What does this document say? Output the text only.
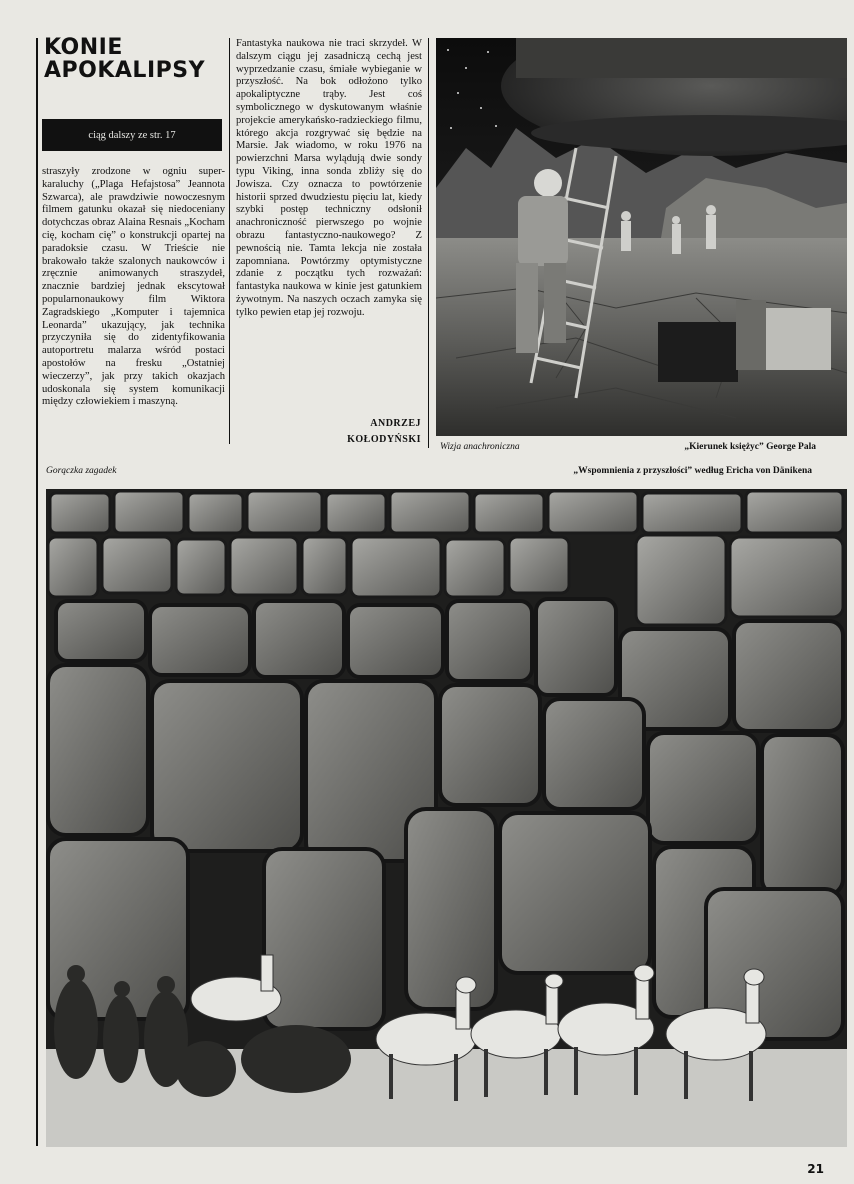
KONIE
APOKALIPSY
ciąg dalszy ze str. 17
straszyły zrodzone w ogniu super-karaluchy („Plaga Hefajstosa” Jeannota Szwarca), ale prawdziwie nowoczesnym filmem gatunku okazał się niedoceniany dotychczas obraz Alaina Resnais „Kocham cię, kocham cię” o konstrukcji opartej na paradoksie czasu. W Trieście nie brakowało także szalonych naukowców i zręcznie animowanych straszydeł, znacznie bardziej jednak ekscytował popularnonaukowy film Wiktora Zagradskiego „Komputer i tajemnica Leonarda” ukazujący, jak technika przyczyniła się do zidentyfikowania autoportretu malarza wśród postaci apostołów na fresku „Ostatniej wieczerzy”, jak przy takich okazjach udoskonala się system komunikacji między człowiekiem i maszyną.
Fantastyka naukowa nie traci skrzydeł. W dalszym ciągu jej zasadniczą cechą jest wyprzedzanie czasu, śmiałe wybieganie w przyszłość. Na bok odłożono tylko apokaliptyczne trąby. Jest coś symbolicznego w dyskutowanym właśnie projekcie amerykańsko-radzieckiego filmu, którego akcja rozgrywać się będzie na Marsie. Jak wiadomo, w roku 1976 na powierzchni Marsa wylądują dwie sondy typu Viking, inna sonda zbliży się do Jowisza. Czy oznacza to powtórzenie historii sprzed dwudziestu pięciu lat, kiedy szybki postęp techniczny odsłonił anachroniczność pierwszego po wojnie obrazu fantastyczno-naukowego? Z pewnością nie. Tamta lekcja nie została zapomniana. Powtórzmy optymistyczne zdanie z początku tych rozważań: fantastyka naukowa w kinie jest gatunkiem żywotnym. Na naszych oczach zamyka się tylko pewien etap jej rozwoju.
ANDRZEJ
KOŁODYŃSKI
Wizja anachroniczna	„Kierunek księżyc” George Pala
Gorączka zagadek	„Wspomnienia z przyszłości” według Ericha von Dänikena
21
